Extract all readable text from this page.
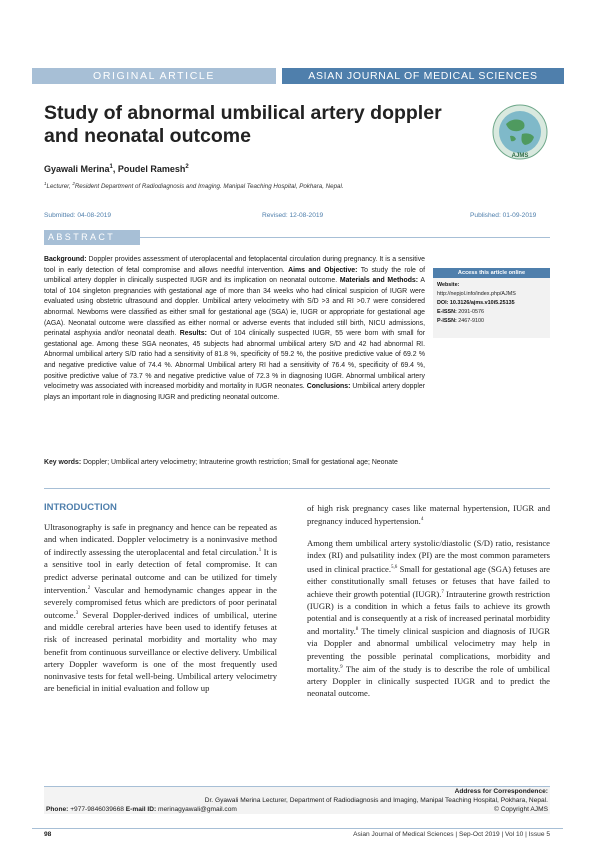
ORIGINAL ARTICLE	ASIAN JOURNAL OF MEDICAL SCIENCES
Study of abnormal umbilical artery doppler
and neonatal outcome
AJMS
Gyawali Merina$^1$, Poudel Ramesh$^2$
$^1$Lecturer, $^2$Resident Department of Radiodiagnosis and Imaging. Manipal Teaching Hospital, Pokhara, Nepal.
Submitted: 04-08-2019	Revised: 12-08-2019	Published: 01-09-2019
ABSTRACT
Background: Doppler provides assessment of uteroplacental and fetoplacental circulation during pregnancy. It is a sensitive tool in early detection of fetal compromise and allows needful intervention. Aims and Objective: To study the role of umbilical artery doppler in clinically suspected IUGR and its implication on neonatal outcome. Materials and Methods: A total of 104 singleton pregnancies with gestational age of more than 34 weeks who had clinical suspicion of IUGR were evaluated using obstetric ultrasound and doppler. Umbilical artery velocimetry with S/D >3 and RI >0.7 were considered abnormal. Newborns were classified as either small for gestational age (SGA) ie, IUGR or appropriate for gestational age (AGA). Neonatal outcome were classified as either normal or adverse events that included still birth, NICU admissions, perinatal asphyxia and/or neonatal death. Results: Out of 104 clinically suspected IUGR, 55 were born with small for gestational age. Among these SGA neonates, 45 subjects had abnormal umbilical artery S/D and 42 had abnormal RI. Abnormal umbilical artery S/D ratio had a sensitivity of 81.8 %, specificity of 59.2 %, the positive predictive value of 69.2 % and negative predictive value of 74.4 %. Abnormal Umbilical artery RI had a sensitivity of 76.4 %, specificity of 69.4 %, positive predictive value of 73.7 % and negative predictive value of 72.3 % in diagnosing IUGR. Abnormal umbilical artery velocimetry was associated with increased morbidity and mortality in IUGR neonates. Conclusions: Umbilical artery doppler plays an important role in diagnosing IUGR and predicting neonatal outcome.
Access this article online
Website:
http://nepjol.info/index.php/AJMS
DOI: 10.3126/ajms.v10i5.25135
E-ISSN: 2091-0576
P-ISSN: 2467-9100
Key words: Doppler; Umbilical artery velocimetry; Intrauterine growth restriction; Small for gestational age; Neonate
INTRODUCTION

Ultrasonography is safe in pregnancy and hence can be repeated as and when indicated. Doppler velocimetry is a noninvasive method of indirectly assessing the uteroplacental and fetal circulation.$^1$ It is a sensitive tool in early detection of fetal compromise. It can predict adverse perinatal outcome and can be utilized for timely intervention.$^2$ Vascular and hemodynamic changes appear in the severely compromised fetus which are predictors of poor perinatal outcome.$^3$ Several Doppler-derived indices of umbilical, uterine and middle cerebral arteries have been used to identify fetuses at risk of increased perinatal morbidity and mortality who may benefit from continuous surveillance or elective delivery. Umbilical artery Doppler waveform is one of the most frequently used noninvasive tests for fetal well-being. Umbilical artery velocimetry are beneficial in initial evaluation and follow up

of high risk pregnancy cases like maternal hypertension, IUGR and pregnancy induced hypertension.$^4$

Among them umbilical artery systolic/diastolic (S/D) ratio, resistance index (RI) and pulsatility index (PI) are the most common parameters used in clinical practice.$^{5,6}$ Small for gestational age (SGA) fetuses are either constitutionally small fetuses or fetuses that have failed to achieve their growth potential (IUGR).$^7$ Intrauterine growth restriction (IUGR) is a condition in which a fetus fails to achieve its growth potential and is consequently at a risk of increased perinatal morbidity and mortality.$^8$ The timely clinical suspicion and diagnosis of IUGR via Doppler and abnormal umbilical velocimetry may help in preventing the possible perinatal complications, morbidity and mortality.$^9$ The aim of the study is to describe the role of umbilical artery Doppler in clinically suspected IUGR and to predict the neonatal outcome.

Address for Correspondence:
Dr. Gyawali Merina Lecturer, Department of Radiodiagnosis and Imaging, Manipal Teaching Hospital, Pokhara, Nepal.
Phone: +977-9846039668 E-mail ID: merinagyawali@gmail.com	© Copyright AJMS
98	Asian Journal of Medical Sciences | Sep-Oct 2019 | Vol 10 | Issue 5
